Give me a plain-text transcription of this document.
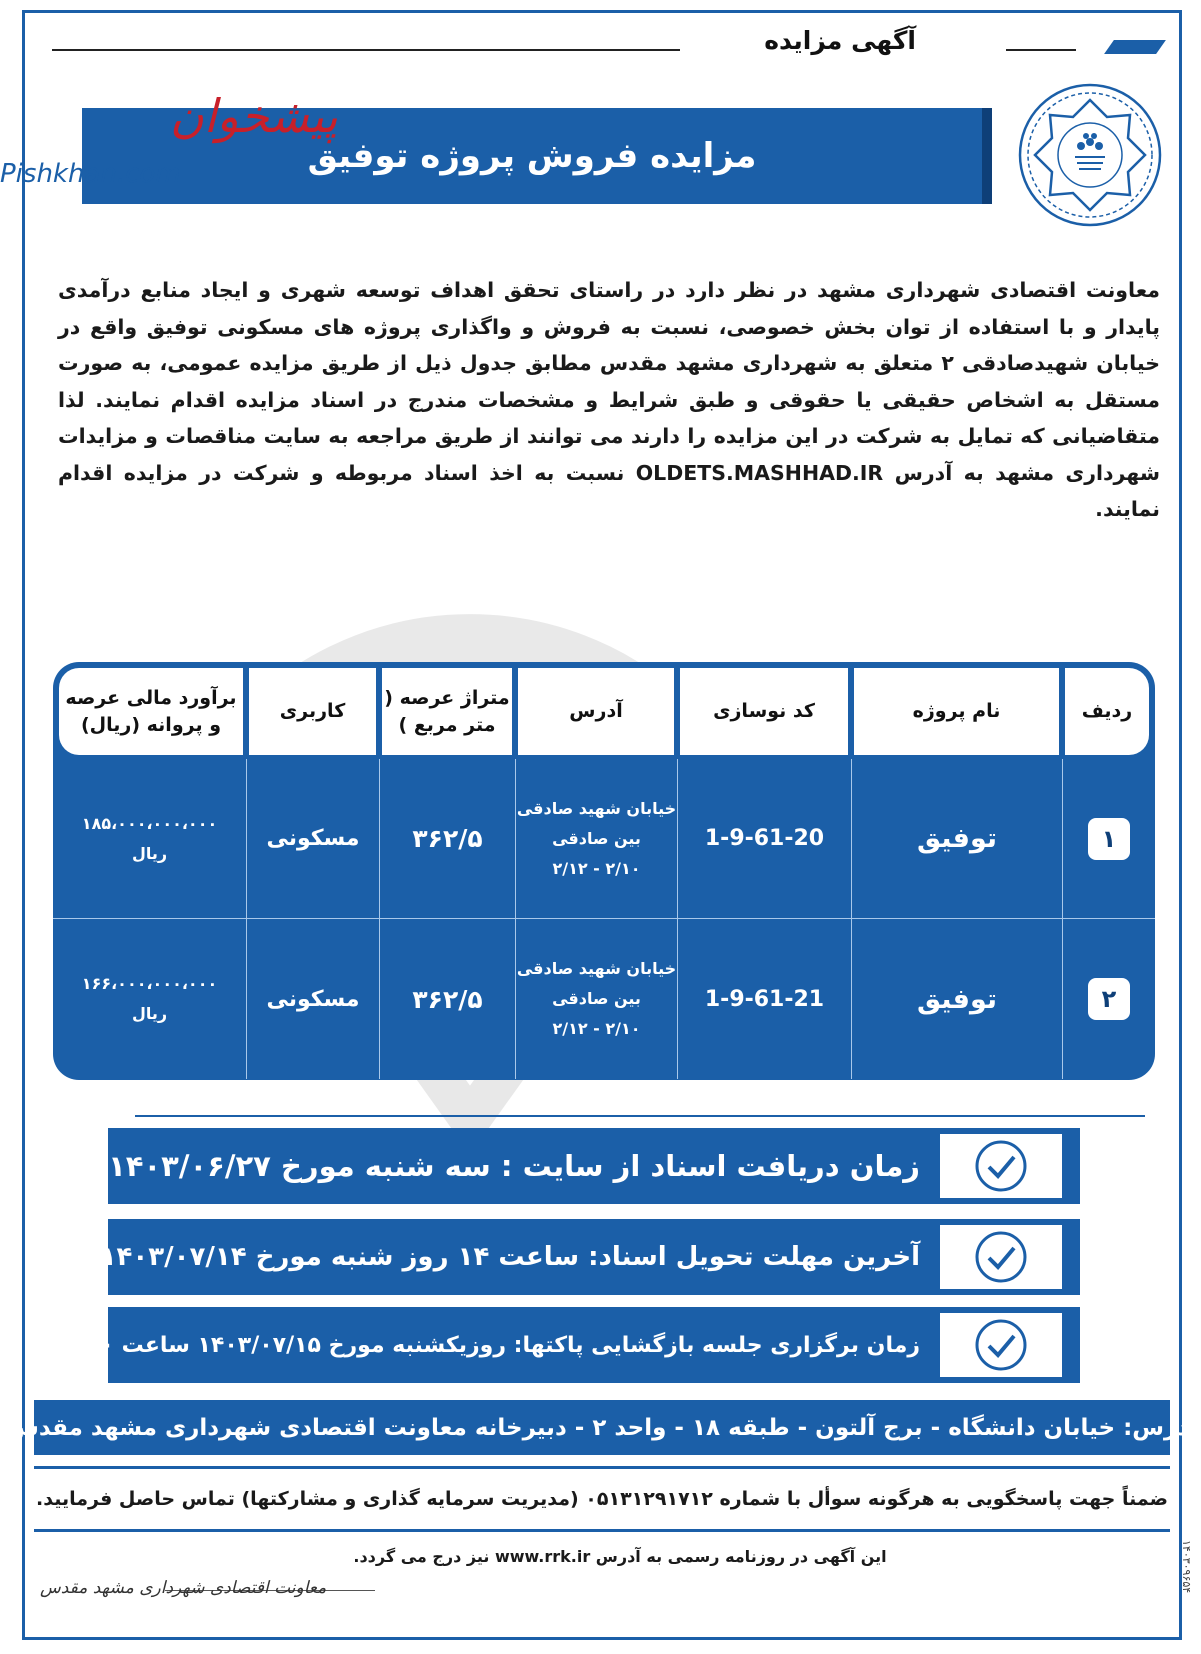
آگهی مزایده
مزایده فروش پروژه توفیق
پیشخوان
Pishkhan.com
معاونت اقتصادی شهرداری مشهد در نظر دارد در راستای تحقق اهداف توسعه شهری و ایجاد منابع درآمدی پایدار و با استفاده از توان بخش خصوصی، نسبت به فروش و واگذاری پروژه های مسکونی توفیق واقع در خیابان شهیدصادقی ۲ متعلق به شهرداری مشهد مقدس مطابق جدول ذیل از طریق مزایده عمومی، به صورت مستقل به اشخاص حقیقی یا حقوقی و طبق شرایط و مشخصات مندرج در اسناد مزایده اقدام نمایند. لذا متقاضیانی که تمایل به شرکت در این مزایده را دارند می توانند از طریق مراجعه به سایت مناقصات و مزایدات شهرداری مشهد به آدرس OLDETS.MASHHAD.IR نسبت به اخذ اسناد مربوطه و شرکت در مزایده اقدام نمایند.
ردیف
نام پروژه
کد نوسازی
آدرس
متراژ عرصه ( متر مربع )
کاربری
برآورد مالی عرصه و پروانه (ریال)
۱
توفیق
1-9-61-20
خیابان شهید صادقی
بین صادقی
۲/۱۰ - ۲/۱۲
۳۶۲/۵
مسکونی
۱۸۵،۰۰۰،۰۰۰،۰۰۰
ریال
۲
توفیق
1-9-61-21
خیابان شهید صادقی
بین صادقی
۲/۱۰ - ۲/۱۲
۳۶۲/۵
مسکونی
۱۶۶،۰۰۰،۰۰۰،۰۰۰
ریال
زمان دریافت اسناد از سایت : سه شنبه مورخ ۱۴۰۳/۰۶/۲۷
آخرین مهلت تحویل اسناد: ساعت ۱۴ روز شنبه مورخ ۱۴۰۳/۰۷/۱۴
زمان برگزاری جلسه بازگشایی پاکتها: روزیکشنبه مورخ ۱۴۰۳/۰۷/۱۵ ساعت ۱۰ صبح
آدرس: خیابان دانشگاه - برج آلتون - طبقه ۱۸ - واحد ۲ - دبیرخانه معاونت اقتصادی شهرداری مشهد مقدس
ضمناً جهت پاسخگویی به هرگونه سوأل با شماره ۰۵۱۳۱۲۹۱۷۱۲ (مدیریت سرمایه گذاری و مشارکتها) تماس حاصل فرمایید.
این آگهی در روزنامه رسمی به آدرس www.rrk.ir نیز درج می گردد.
معاونت اقتصادی شهرداری مشهد مقدس	۱۴۰۳۰۹۶۵۴
